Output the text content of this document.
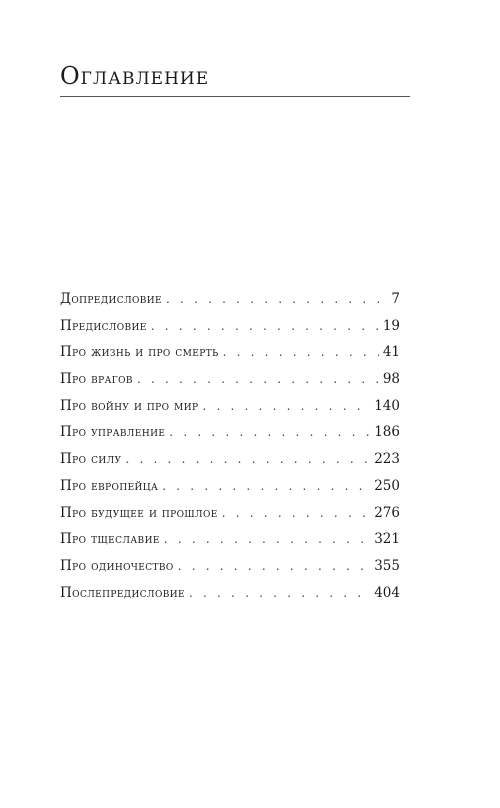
Оглавление
Допредисловие . . .	7
Предисловие . . .	19
Про жизнь и про смерть . . .	41
Про врагов . . .	98
Про войну и про мир . . .	140
Про управление . . .	186
Про силу . . .	223
Про европейца . . .	250
Про будущее и прошлое . . .	276
Про тщеславие . . .	321
Про одиночество . . .	355
Послепредисловие . . .	404
